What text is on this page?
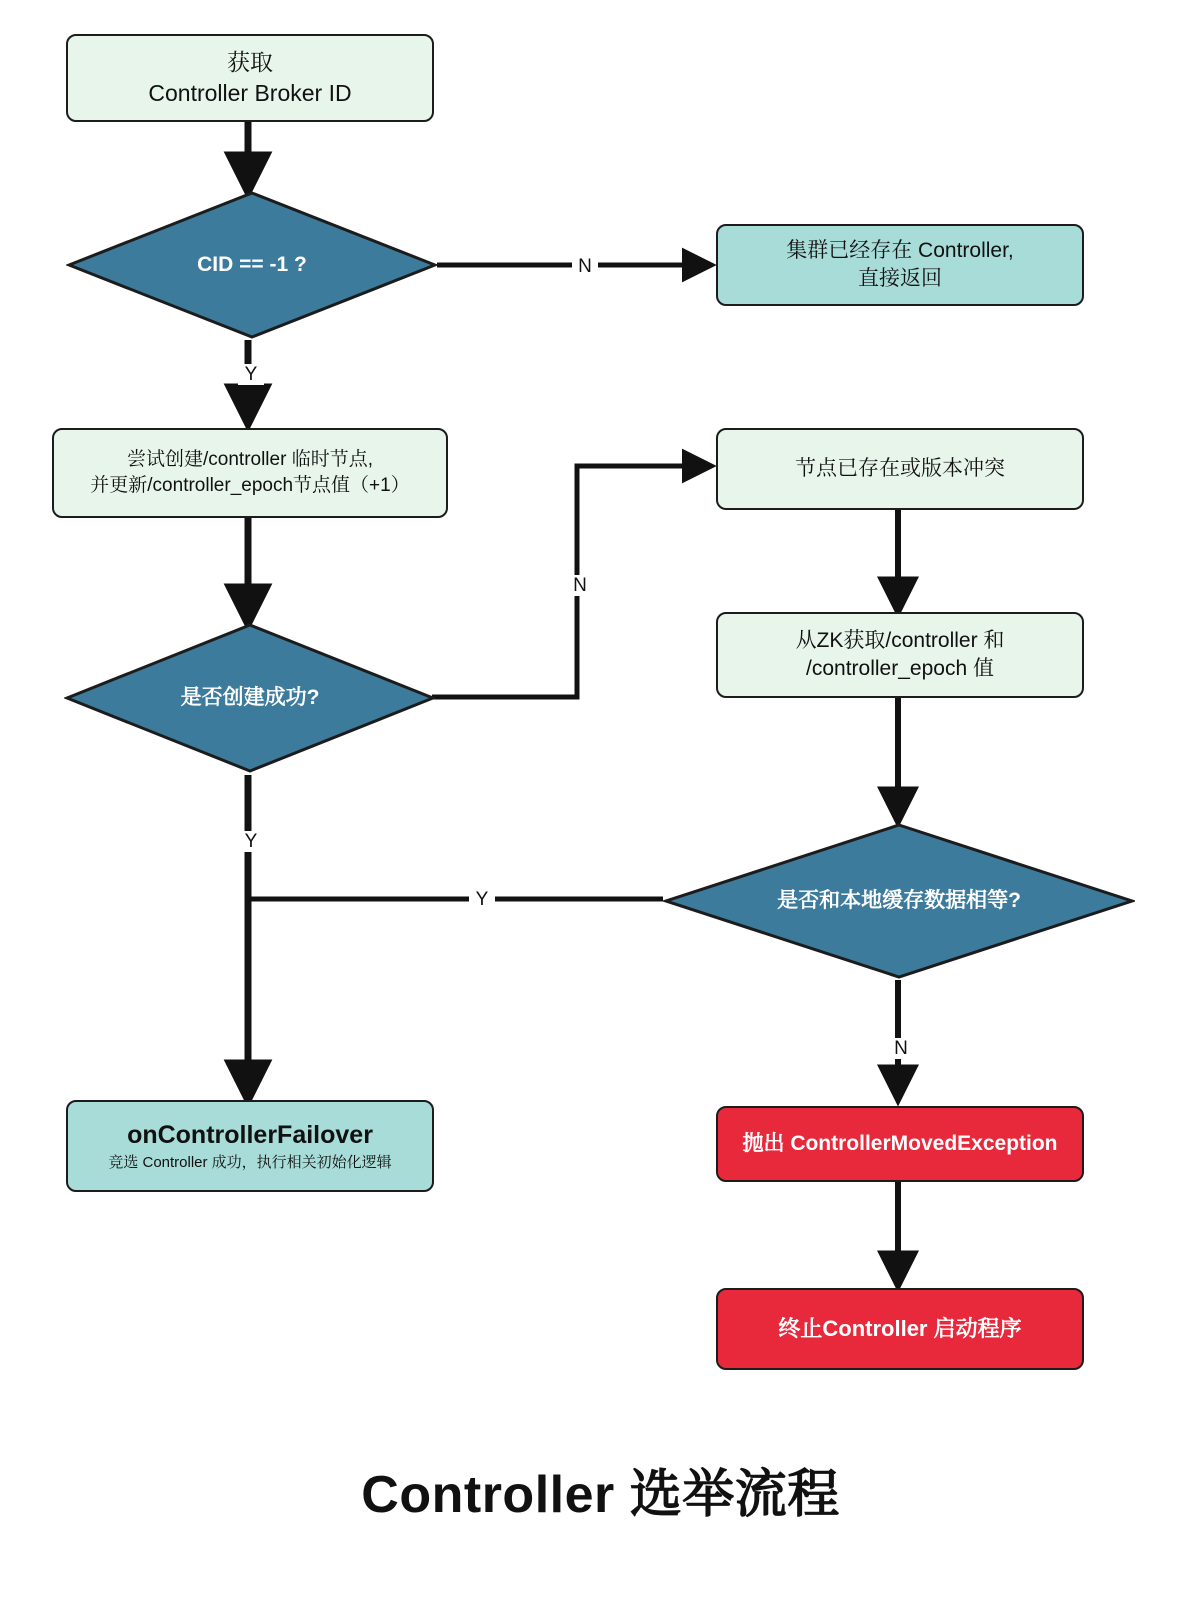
获取
Controller Broker ID
CID == -1 ?
集群已经存在 Controller,
直接返回
尝试创建/controller 临时节点,
并更新/controller_epoch节点值（+1）
是否创建成功?
节点已存在或版本冲突
从ZK获取/controller 和
/controller_epoch 值
是否和本地缓存数据相等?
onControllerFailover
竞选 Controller 成功，执行相关初始化逻辑
抛出 ControllerMovedException
终止Controller 启动程序
N
Y
N
Y
Y
N
Controller 选举流程
